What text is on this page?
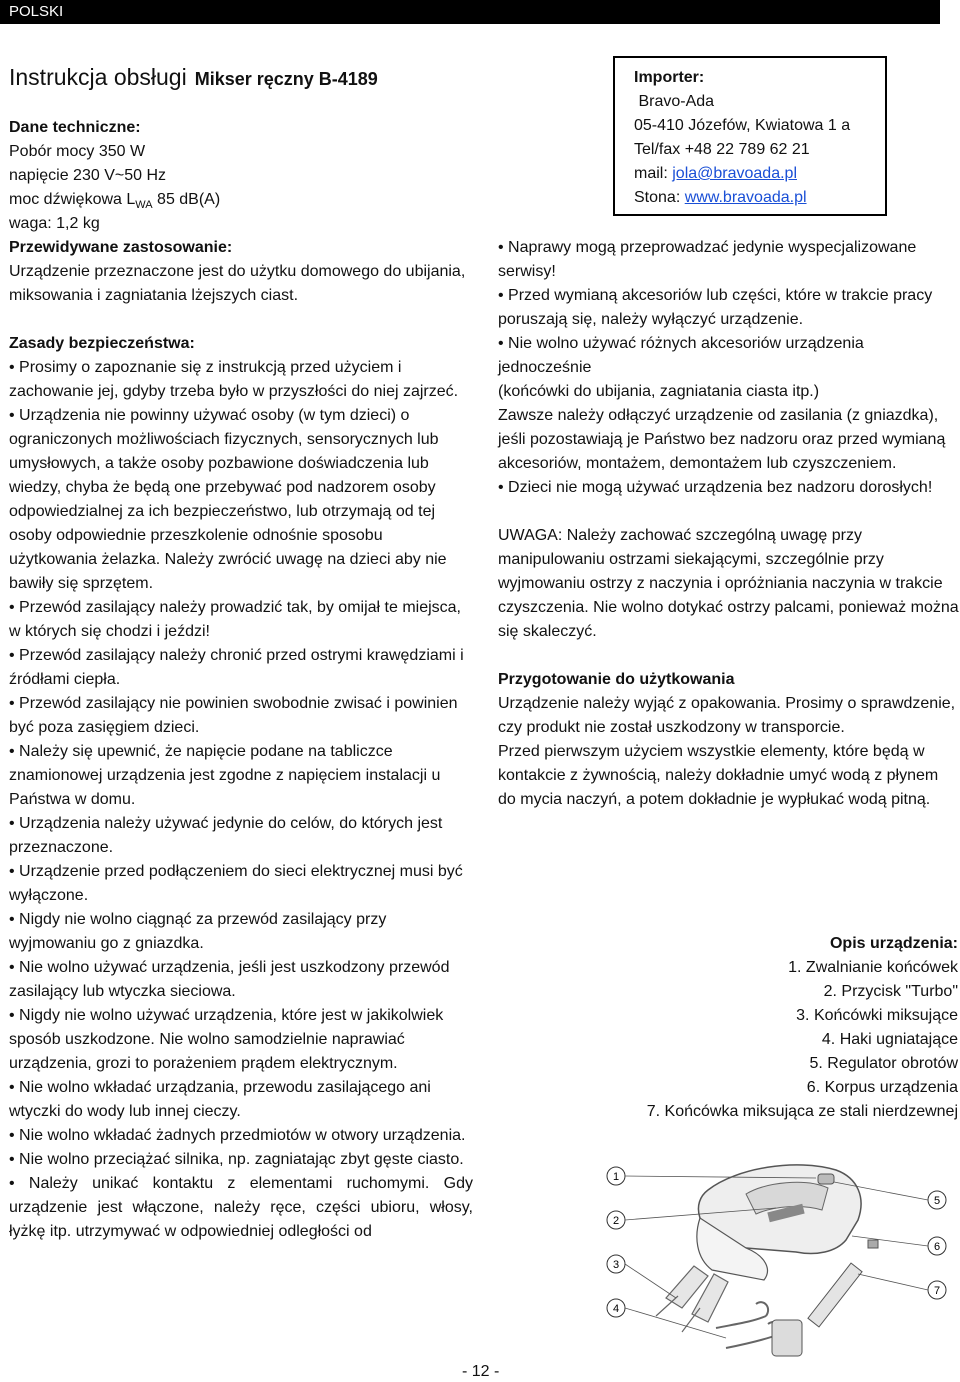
POLSKI
Instrukcja obsługi Mikser ręczny B-4189

Dane techniczne:

Pobór mocy 350 W

napięcie 230 V~50 Hz

moc dźwiękowa $L_{WA}$ 85 dB(A)

waga: 1,2 kg

Przewidywane zastosowanie:

Urządzenie przeznaczone jest do użytku domowego do ubijania, miksowania i zagniatania lżejszych ciast.

Zasady bezpieczeństwa:

• Prosimy o zapoznanie się z instrukcją przed użyciem i zachowanie jej, gdyby trzeba było w przyszłości do niej zajrzeć.

• Urządzenia nie powinny używać osoby (w tym dzieci) o ograniczonych możliwościach fizycznych, sensorycznych lub umysłowych, a także osoby pozbawione doświadczenia lub wiedzy, chyba że będą one przebywać pod nadzorem osoby odpowiedzialnej za ich bezpieczeństwo, lub otrzymają od tej osoby odpowiednie przeszkolenie odnośnie sposobu użytkowania żelazka. Należy zwrócić uwagę na dzieci aby nie bawiły się sprzętem.

• Przewód zasilający należy prowadzić tak, by omijał te miejsca, w których się chodzi i jeździ!

• Przewód zasilający należy chronić przed ostrymi krawędziami i źródłami ciepła.

• Przewód zasilający nie powinien swobodnie zwisać i powinien być poza zasięgiem dzieci.

• Należy się upewnić, że napięcie podane na tabliczce znamionowej urządzenia jest zgodne z napięciem instalacji u Państwa w domu.

• Urządzenia należy używać jedynie do celów, do których jest przeznaczone.

• Urządzenie przed podłączeniem do sieci elektrycznej musi być wyłączone.

• Nigdy nie wolno ciągnąć za przewód zasilający przy wyjmowaniu go z gniazdka.

• Nie wolno używać urządzenia, jeśli jest uszkodzony przewód zasilający lub wtyczka sieciowa.

• Nigdy nie wolno używać urządzenia, które jest w jakikolwiek

sposób uszkodzone. Nie wolno samodzielnie naprawiać urządzenia, grozi to porażeniem prądem elektrycznym.

• Nie wolno wkładać urządzania, przewodu zasilającego ani wtyczki do wody lub innej cieczy.

• Nie wolno wkładać żadnych przedmiotów w otwory urządzenia.

• Nie wolno przeciążać silnika, np. zagniatając zbyt gęste ciasto.

• Należy unikać kontaktu z elementami ruchomymi. Gdy urządzenie jest włączone, należy ręce, części ubioru, włosy, łyżkę itp. utrzymywać w odpowiedniej odległości od

Importer:

Bravo-Ada

05-410 Józefów, Kwiatowa 1 a

Tel/fax +48 22 789 62 21

mail: jola@bravoada.pl

Stona: www.bravoada.pl

• Naprawy mogą przeprowadzać jedynie wyspecjalizowane serwisy!

• Przed wymianą akcesoriów lub części, które w trakcie pracy poruszają się, należy wyłączyć urządzenie.

• Nie wolno używać różnych akcesoriów urządzenia jednocześnie

(końcówki do ubijania, zagniatania ciasta itp.)

Zawsze należy odłączyć urządzenie od zasilania (z gniazdka), jeśli pozostawiają je Państwo bez nadzoru oraz przed wymianą akcesoriów, montażem, demontażem lub czyszczeniem.

• Dzieci nie mogą używać urządzenia bez nadzoru dorosłych!

UWAGA: Należy zachować szczególną uwagę przy manipulowaniu ostrzami siekającymi, szczególnie przy wyjmowaniu ostrzy z naczynia i opróżniania naczynia w trakcie czyszczenia. Nie wolno dotykać ostrzy palcami, ponieważ można się skaleczyć.

Przygotowanie do użytkowania

Urządzenie należy wyjąć z opakowania. Prosimy o sprawdzenie, czy produkt nie został uszkodzony w transporcie.

Przed pierwszym użyciem wszystkie elementy, które będą w kontakcie z żywnością, należy dokładnie umyć wodą z płynem do mycia naczyń, a potem dokładnie je wypłukać wodą pitną.

Opis urządzenia:

1. Zwalnianie końcówek

2. Przycisk "Turbo"

3. Końcówki miksujące

4. Haki ugniatające

5. Regulator obrotów

6. Korpus urządzenia

7. Końcówka miksująca ze stali nierdzewnej

1
2
3
4
5
6
7
- 12 -
